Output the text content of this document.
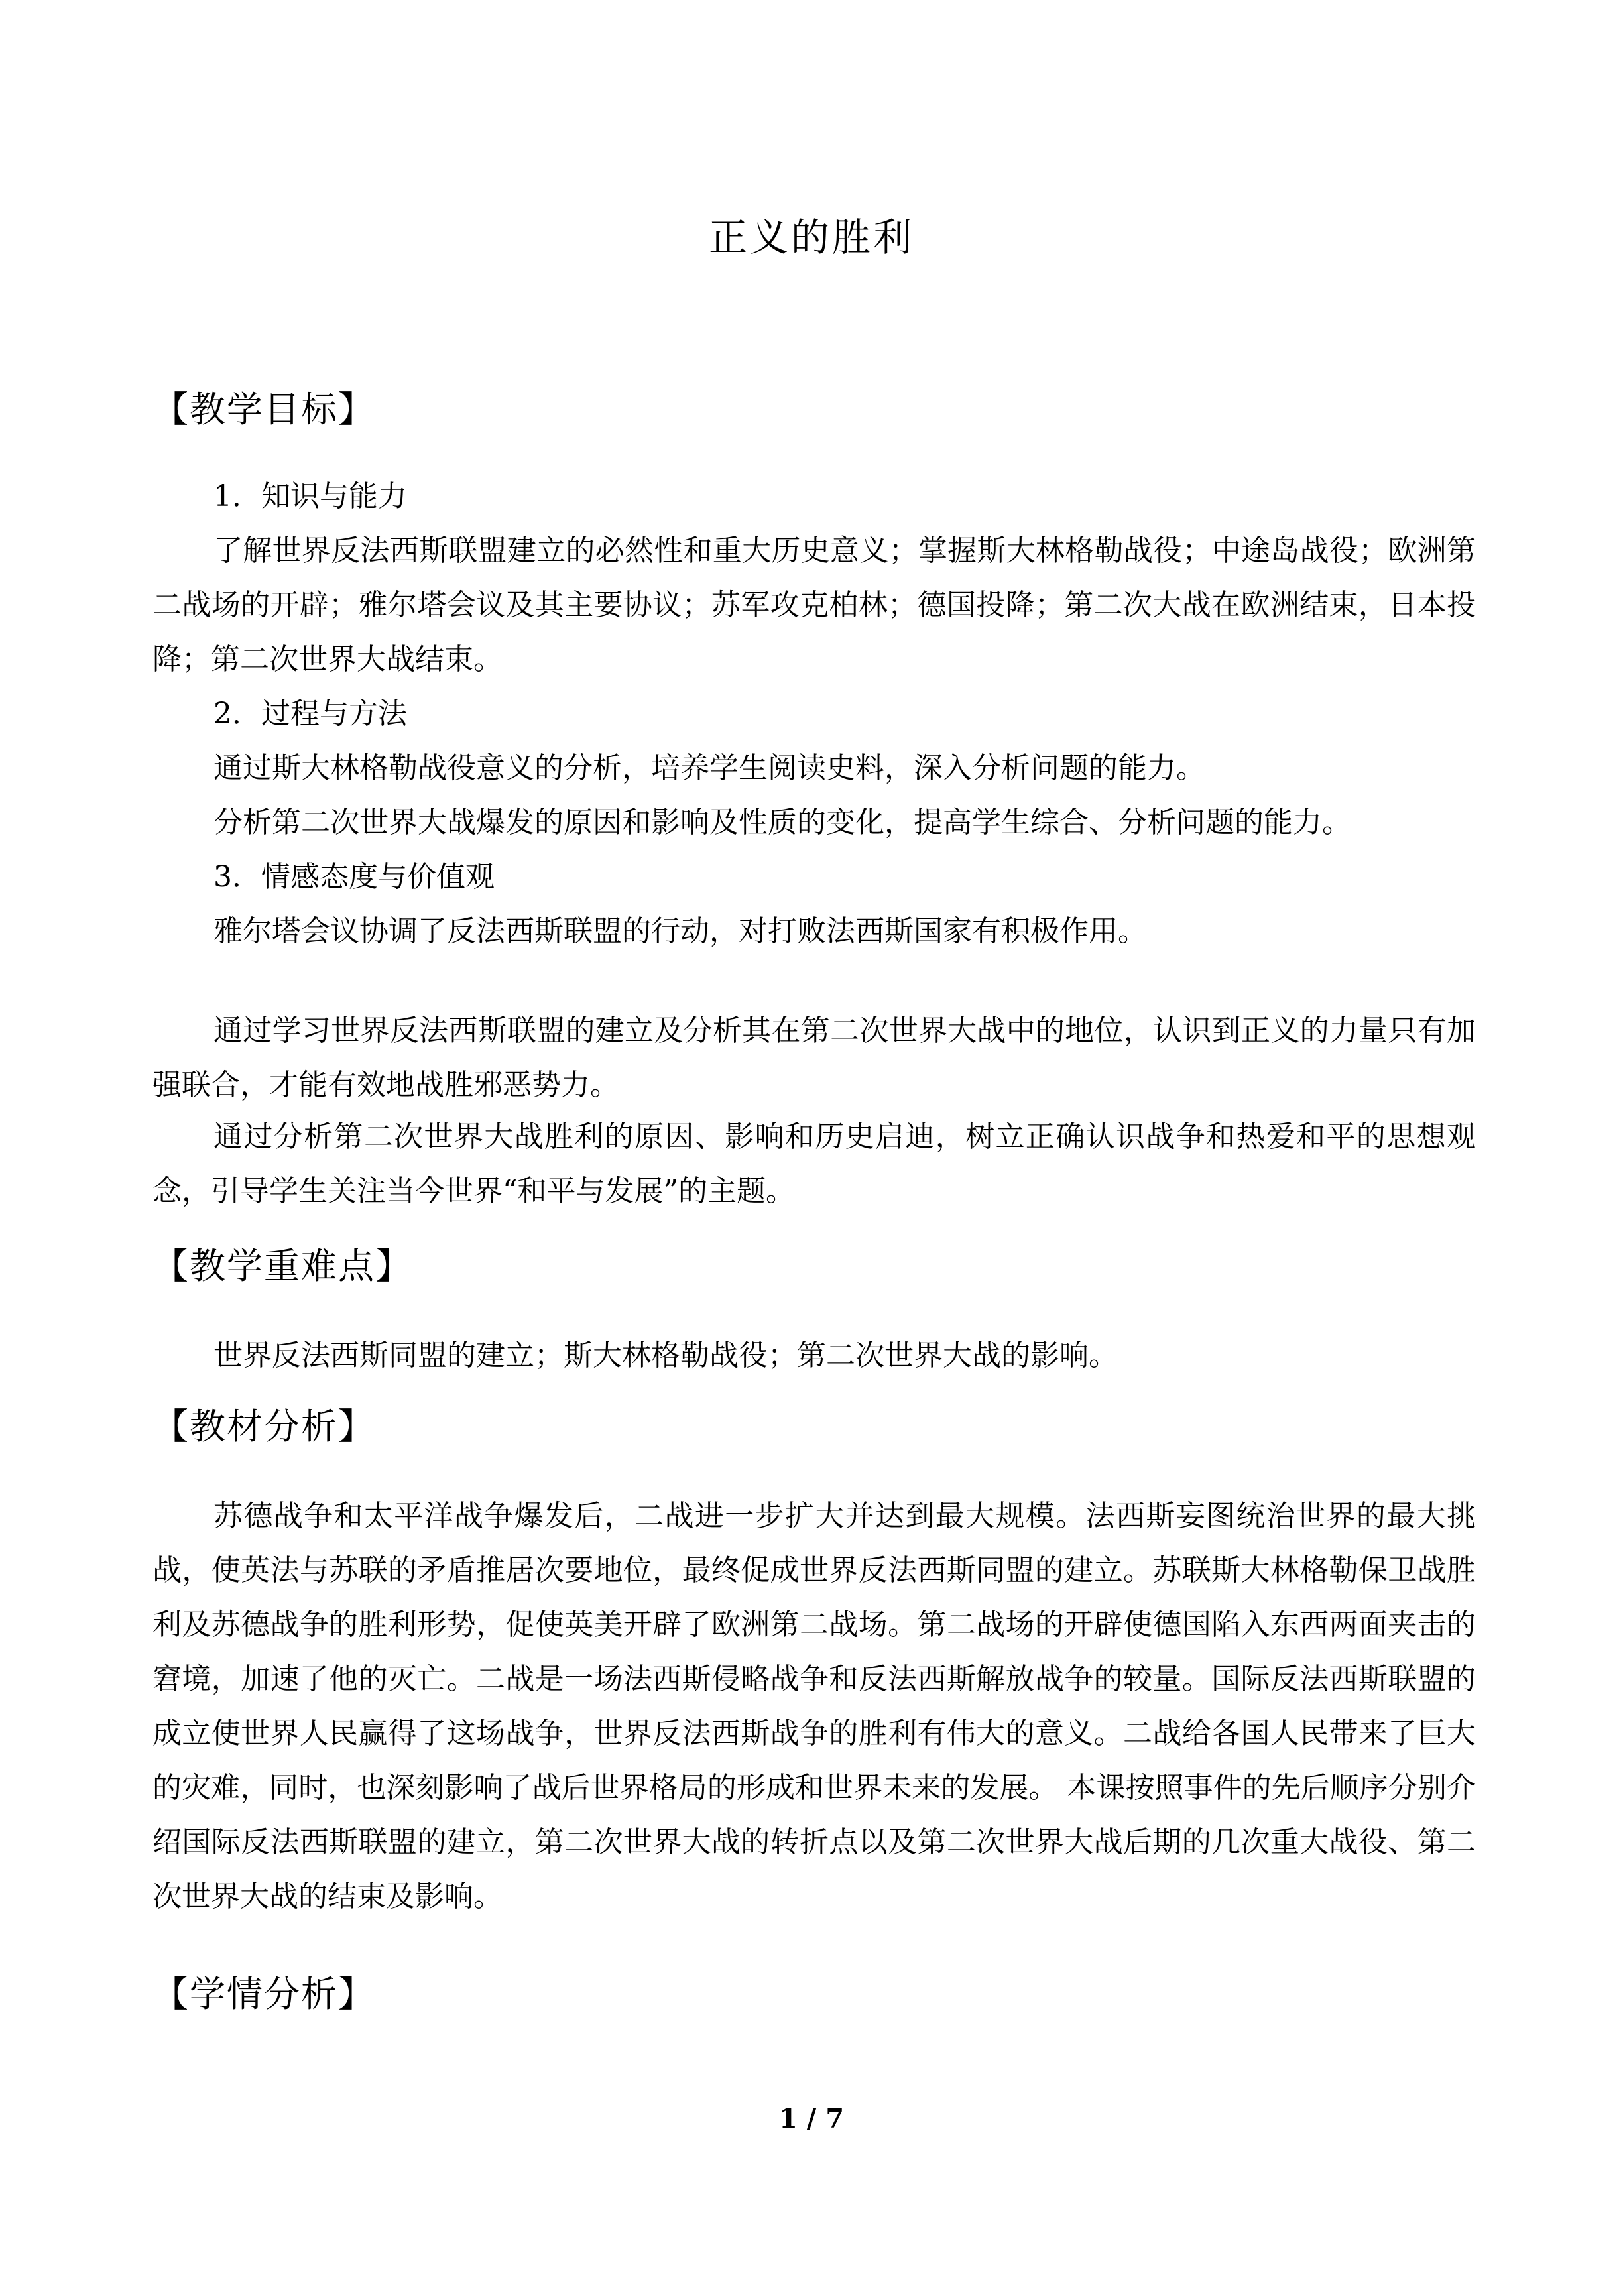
正义的胜利
【教学目标】

1．知识与能力

了解世界反法西斯联盟建立的必然性和重大历史意义；掌握斯大林格勒战役；中途岛战役；欧洲第二战场的开辟；雅尔塔会议及其主要协议；苏军攻克柏林；德国投降；第二次大战在欧洲结束，日本投降；第二次世界大战结束。

2．过程与方法

通过斯大林格勒战役意义的分析，培养学生阅读史料，深入分析问题的能力。

分析第二次世界大战爆发的原因和影响及性质的变化，提高学生综合、分析问题的能力。

3．情感态度与价值观

雅尔塔会议协调了反法西斯联盟的行动，对打败法西斯国家有积极作用。

通过学习世界反法西斯联盟的建立及分析其在第二次世界大战中的地位，认识到正义的力量只有加强联合，才能有效地战胜邪恶势力。

通过分析第二次世界大战胜利的原因、影响和历史启迪，树立正确认识战争和热爱和平的思想观念，引导学生关注当今世界“和平与发展”的主题。

【教学重难点】

世界反法西斯同盟的建立；斯大林格勒战役；第二次世界大战的影响。

【教材分析】

苏德战争和太平洋战争爆发后，二战进一步扩大并达到最大规模。法西斯妄图统治世界的最大挑战，使英法与苏联的矛盾推居次要地位，最终促成世界反法西斯同盟的建立。苏联斯大林格勒保卫战胜利及苏德战争的胜利形势，促使英美开辟了欧洲第二战场。第二战场的开辟使德国陷入东西两面夹击的窘境，加速了他的灭亡。二战是一场法西斯侵略战争和反法西斯解放战争的较量。国际反法西斯联盟的成立使世界人民赢得了这场战争，世界反法西斯战争的胜利有伟大的意义。二战给各国人民带来了巨大的灾难，同时，也深刻影响了战后世界格局的形成和世界未来的发展。 本课按照事件的先后顺序分别介绍国际反法西斯联盟的建立，第二次世界大战的转折点以及第二次世界大战后期的几次重大战役、第二次世界大战的结束及影响。

【学情分析】
1 / 7
